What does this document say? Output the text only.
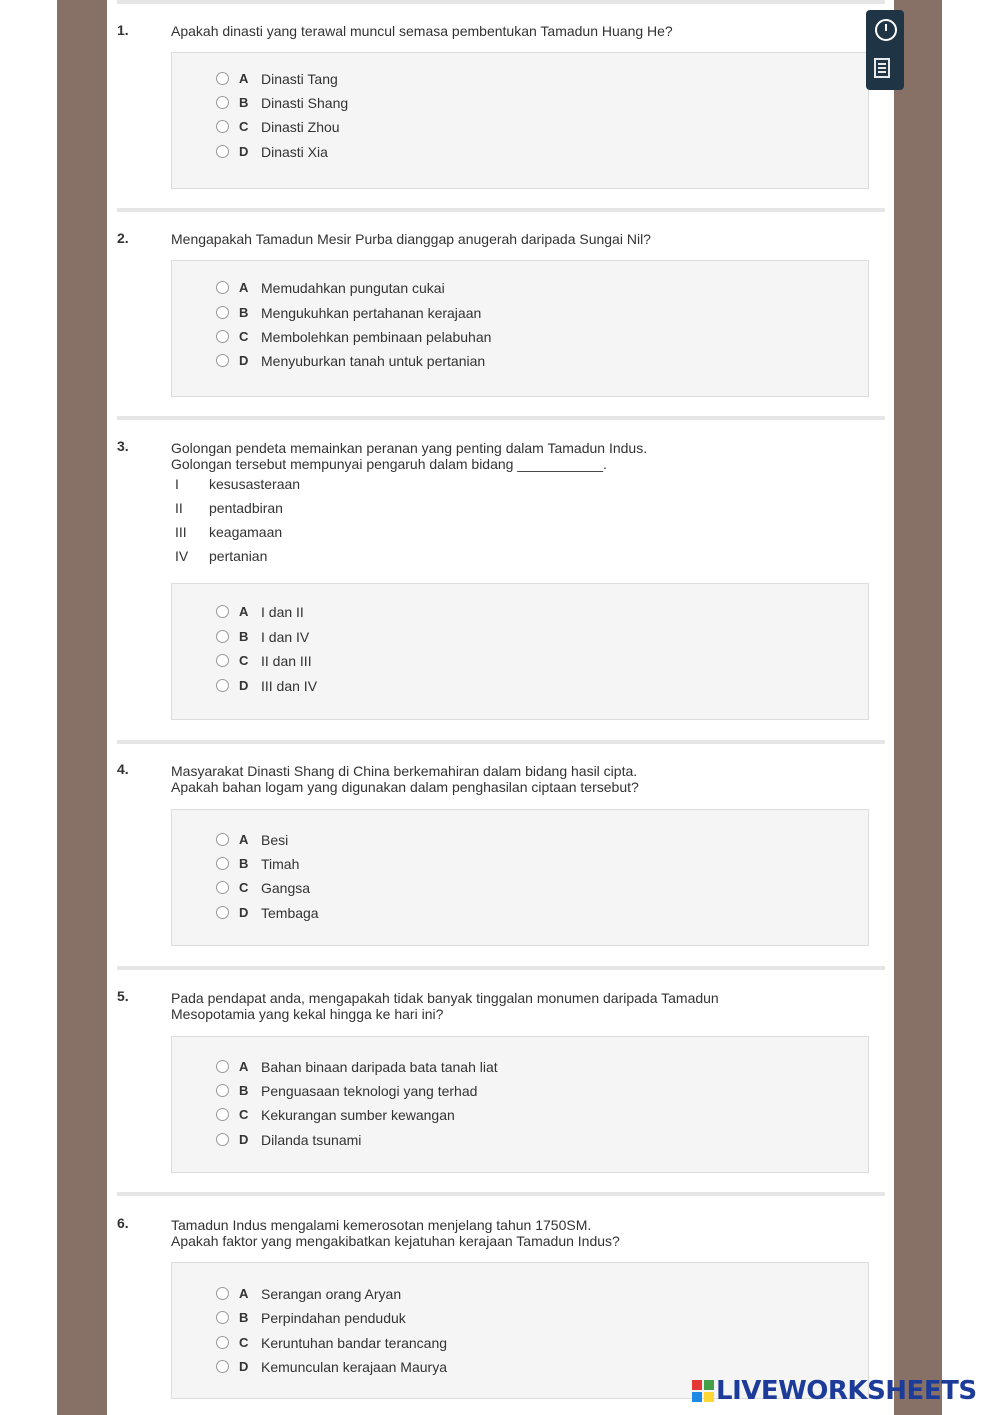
1.	Apakah dinasti yang terawal muncul semasa pembentukan Tamadun Huang He?
A Dinasti Tang
B Dinasti Shang
C Dinasti Zhou
D Dinasti Xia
2.	Mengapakah Tamadun Mesir Purba dianggap anugerah daripada Sungai Nil?
A Memudahkan pungutan cukai
B Mengukuhkan pertahanan kerajaan
C Membolehkan pembinaan pelabuhan
D Menyuburkan tanah untuk pertanian
3.	Golongan pendeta memainkan peranan yang penting dalam Tamadun Indus.
Golongan tersebut mempunyai pengaruh dalam bidang ___________.
I	kesusasteraan
II	pentadbiran
III	keagamaan
IV	pertanian
A I dan II
B I dan IV
C II dan III
D III dan IV
4.	Masyarakat Dinasti Shang di China berkemahiran dalam bidang hasil cipta.
Apakah bahan logam yang digunakan dalam penghasilan ciptaan tersebut?
A Besi
B Timah
C Gangsa
D Tembaga
5.	Pada pendapat anda, mengapakah tidak banyak tinggalan monumen daripada Tamadun
Mesopotamia yang kekal hingga ke hari ini?
A Bahan binaan daripada bata tanah liat
B Penguasaan teknologi yang terhad
C Kekurangan sumber kewangan
D Dilanda tsunami
6.	Tamadun Indus mengalami kemerosotan menjelang tahun 1750SM.
Apakah faktor yang mengakibatkan kejatuhan kerajaan Tamadun Indus?
A Serangan orang Aryan
B Perpindahan penduduk
C Keruntuhan bandar terancang
D Kemunculan kerajaan Maurya
LIVEWORKSHEETS
